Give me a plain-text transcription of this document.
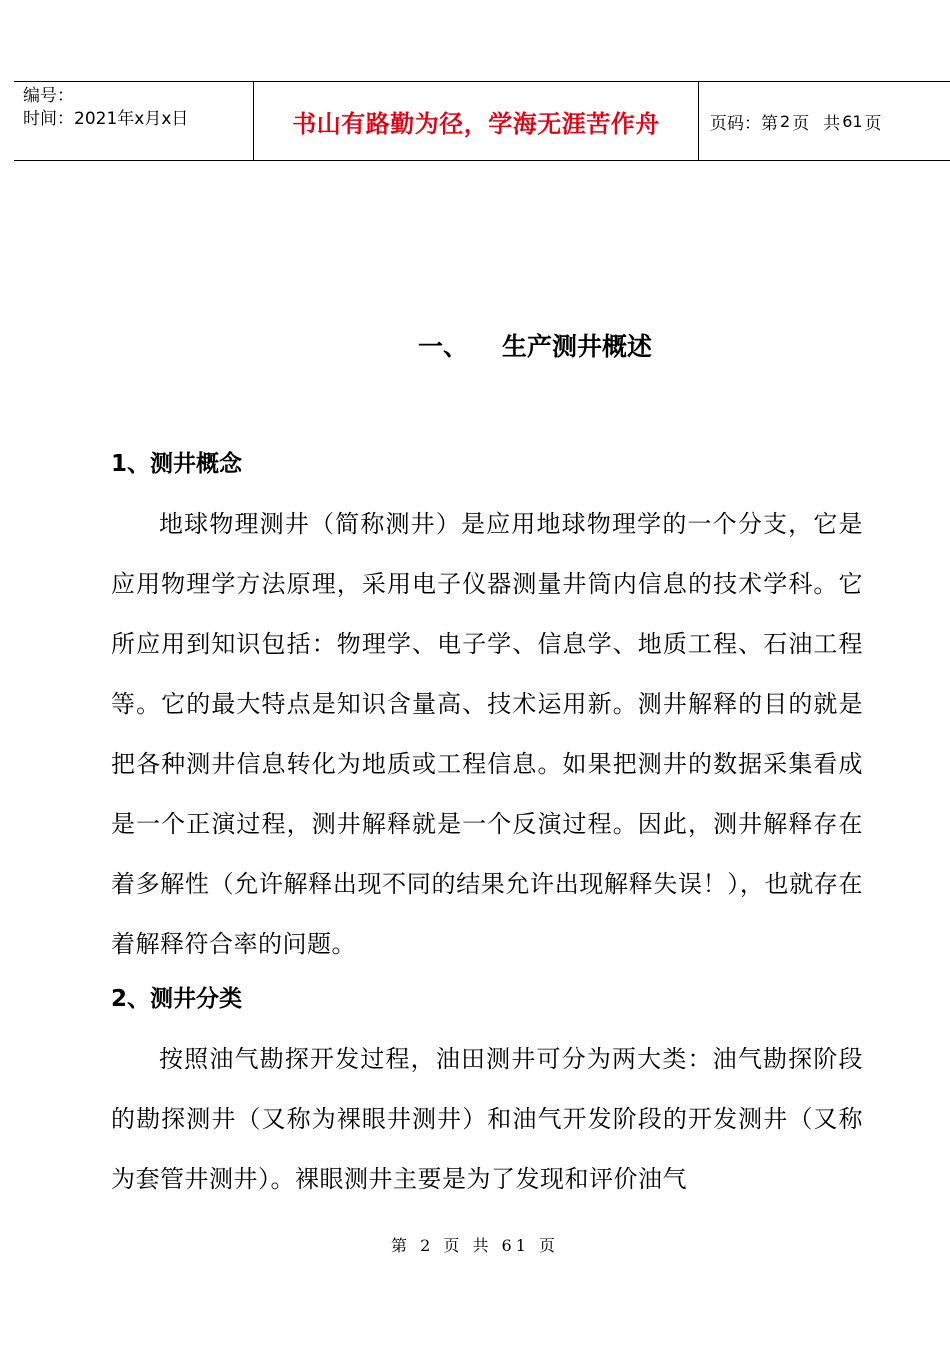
编号：
时间：2021年x月x日	书山有路勤为径，学海无涯苦作舟	页码：第 2 页 共 61 页
一、 生产测井概述
1、测井概念

地球物理测井（简称测井）是应用地球物理学的一个分支，它是应用物理学方法原理，采用电子仪器测量井筒内信息的技术学科。它所应用到知识包括：物理学、电子学、信息学、地质工程、石油工程等。它的最大特点是知识含量高、技术运用新。测井解释的目的就是把各种测井信息转化为地质或工程信息。如果把测井的数据采集看成是一个正演过程，测井解释就是一个反演过程。因此，测井解释存在着多解性（允许解释出现不同的结果允许出现解释失误！），也就存在着解释符合率的问题。

2、测井分类

按照油气勘探开发过程，油田测井可分为两大类：油气勘探阶段的勘探测井（又称为裸眼井测井）和油气开发阶段的开发测井（又称为套管井测井）。裸眼测井主要是为了发现和评价油气

第 2 页 共 61 页
